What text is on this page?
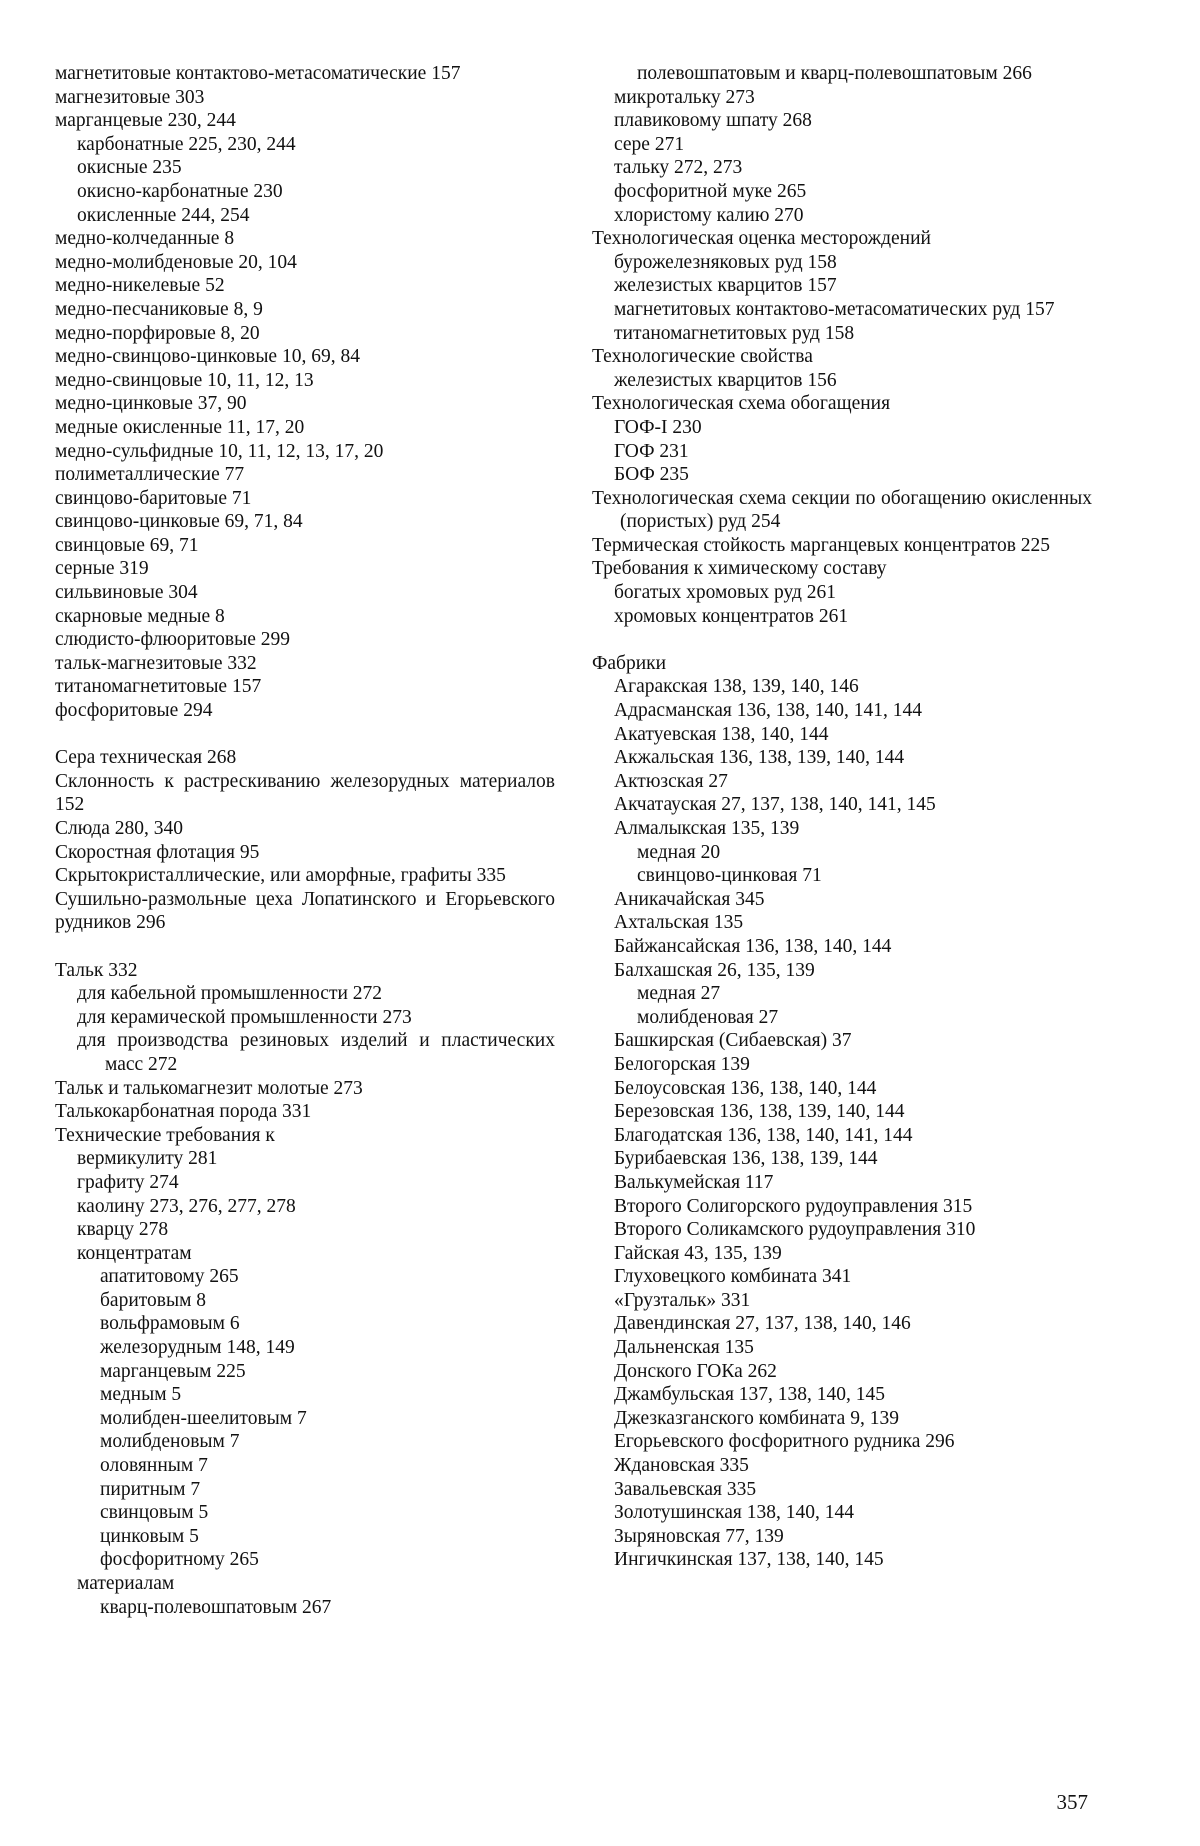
магнетитовые контактово-метасоматические 157
магнезитовые 303
марганцевые 230, 244
карбонатные 225, 230, 244
окисные 235
окисно-карбонатные 230
окисленные 244, 254
медно-колчеданные 8
медно-молибденовые 20, 104
медно-никелевые 52
медно-песчаниковые 8, 9
медно-порфировые 8, 20
медно-свинцово-цинковые 10, 69, 84
медно-свинцовые 10, 11, 12, 13
медно-цинковые 37, 90
медные окисленные 11, 17, 20
медно-сульфидные 10, 11, 12, 13, 17, 20
полиметаллические 77
свинцово-баритовые 71
свинцово-цинковые 69, 71, 84
свинцовые 69, 71
серные 319
сильвиновые 304
скарновые медные 8
слюдисто-флюоритовые 299
тальк-магнезитовые 332
титаномагнетитовые 157
фосфоритовые 294
Сера техническая 268
Склонность к растрескиванию железорудных материалов 152
Слюда 280, 340
Скоростная флотация 95
Скрытокристаллические, или аморфные, графиты 335
Сушильно-размольные цеха Лопатинского и Егорьевского рудников 296
Тальк 332
для кабельной промышленности 272
для керамической промышленности 273
для производства резиновых изделий и пластических масс 272
Тальк и талькомагнезит молотые 273
Талькокарбонатная порода 331
Технические требования к
вермикулиту 281
графиту 274
каолину 273, 276, 277, 278
кварцу 278
концентратам
апатитовому 265
баритовым 8
вольфрамовым 6
железорудным 148, 149
марганцевым 225
медным 5
молибден-шеелитовым 7
молибденовым 7
оловянным 7
пиритным 7
свинцовым 5
цинковым 5
фосфоритному 265
материалам
кварц-полевошпатовым 267
полевошпатовым и кварц-полевошпатовым 266
микротальку 273
плавиковому шпату 268
сере 271
тальку 272, 273
фосфоритной муке 265
хлористому калию 270
Технологическая оценка месторождений
бурожелезняковых руд 158
железистых кварцитов 157
магнетитовых контактово-метасоматических руд 157
титаномагнетитовых руд 158
Технологические свойства
железистых кварцитов 156
Технологическая схема обогащения
ГОФ-I 230
ГОФ 231
БОФ 235
Технологическая схема секции по обогащению окисленных (пористых) руд 254
Термическая стойкость марганцевых концентратов 225
Требования к химическому составу
богатых хромовых руд 261
хромовых концентратов 261
Фабрики
Агаракская 138, 139, 140, 146
Адрасманская 136, 138, 140, 141, 144
Акатуевская 138, 140, 144
Акжальская 136, 138, 139, 140, 144
Актюзская 27
Акчатауская 27, 137, 138, 140, 141, 145
Алмалыкская 135, 139
медная 20
свинцово-цинковая 71
Аникачайская 345
Ахтальская 135
Байжансайская 136, 138, 140, 144
Балхашская 26, 135, 139
медная 27
молибденовая 27
Башкирская (Сибаевская) 37
Белогорская 139
Белоусовская 136, 138, 140, 144
Березовская 136, 138, 139, 140, 144
Благодатская 136, 138, 140, 141, 144
Бурибаевская 136, 138, 139, 144
Валькумейская 117
Второго Солигорского рудоуправления 315
Второго Соликамского рудоуправления 310
Гайская 43, 135, 139
Глуховецкого комбината 341
«Грузтальк» 331
Давендинская 27, 137, 138, 140, 146
Дальненская 135
Донского ГОКа 262
Джамбульская 137, 138, 140, 145
Джезказганского комбината 9, 139
Егорьевского фосфоритного рудника 296
Ждановская 335
Завальевская 335
Золотушинская 138, 140, 144
Зыряновская 77, 139
Ингичкинская 137, 138, 140, 145
357
